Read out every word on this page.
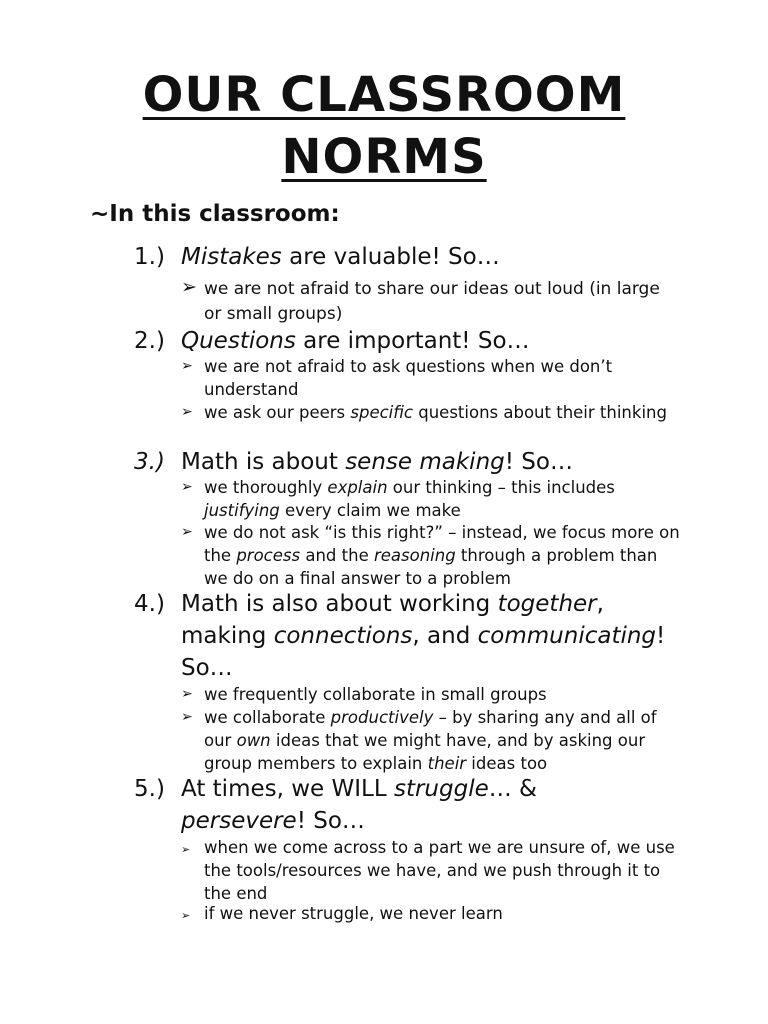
OUR CLASSROOM
NORMS
~In this classroom:
1.) Mistakes are valuable! So…
➢ we are not afraid to share our ideas out loud (in large or small groups)
2.) Questions are important! So…
➢ we are not afraid to ask questions when we don’t understand
➢ we ask our peers specific questions about their thinking
3.) Math is about sense making! So…
➢ we thoroughly explain our thinking – this includes justifying every claim we make
➢ we do not ask “is this right?” – instead, we focus more on the process and the reasoning through a problem than we do on a final answer to a problem
4.) Math is also about working together, making connections, and communicating! So…
➢ we frequently collaborate in small groups
➢ we collaborate productively – by sharing any and all of our own ideas that we might have, and by asking our group members to explain their ideas too
5.) At times, we WILL struggle… & persevere! So…
➢ when we come across to a part we are unsure of, we use the tools/resources we have, and we push through it to the end
➢ if we never struggle, we never learn
